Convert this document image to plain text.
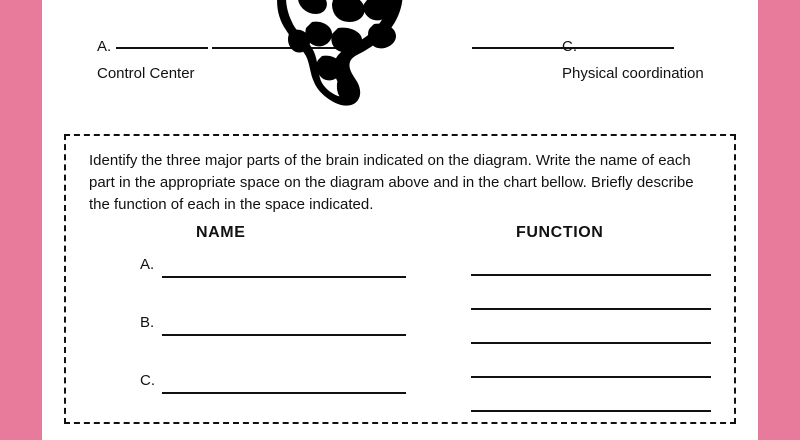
A.
Control Center
C.
Physical coordination
Identify the three major parts of the brain indicated on the diagram. Write the name of each part in the appropriate space on the diagram above and in the chart bellow. Briefly describe the function of each in the space indicated.
NAME	FUNCTION
A.
B.
C.
